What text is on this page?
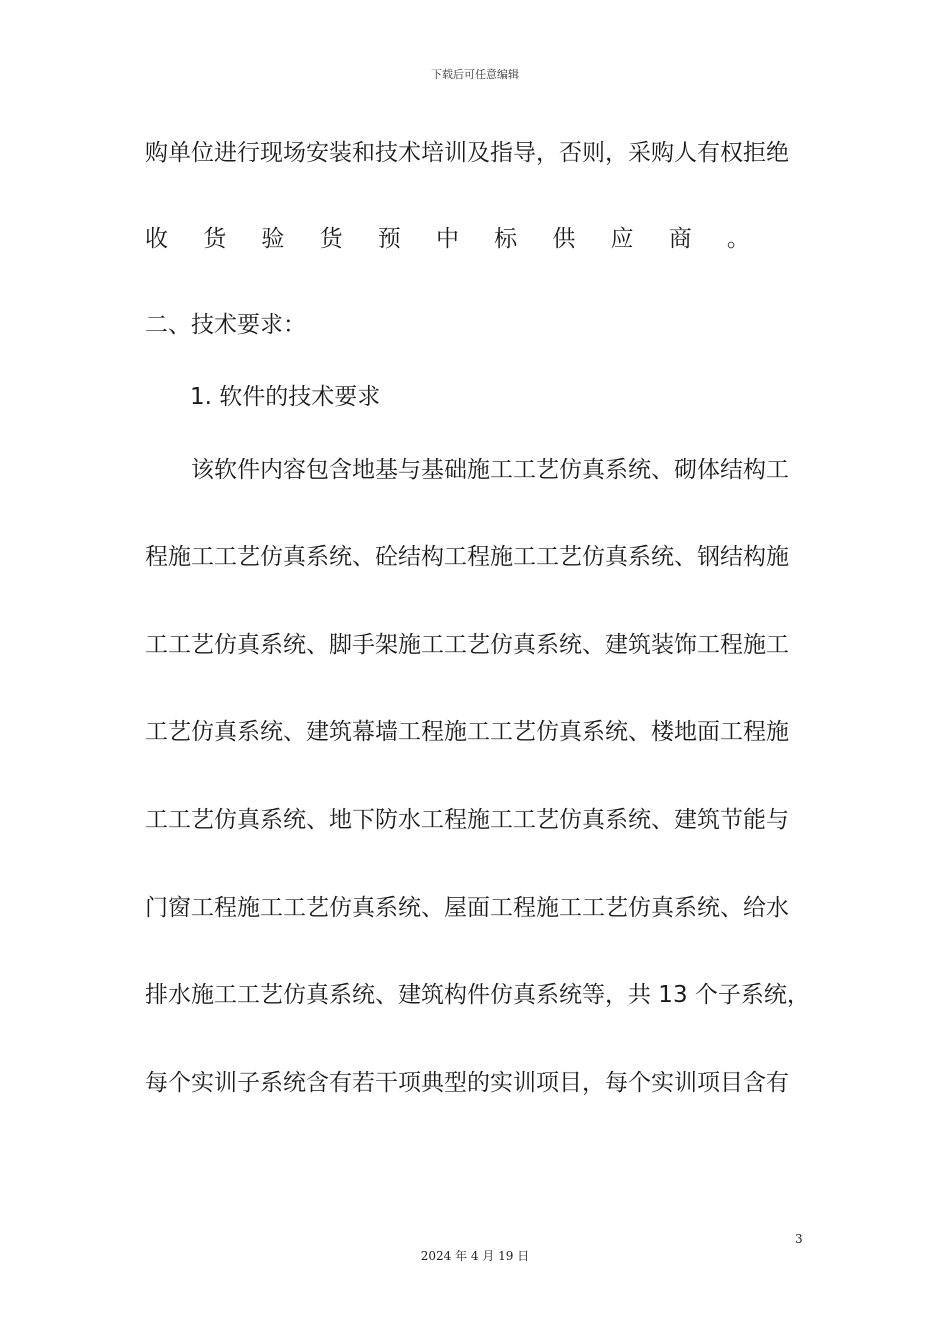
下载后可任意编辑
购单位进行现场安装和技术培训及指导，否则，采购人有权拒绝
收 货 验 货 预 中 标 供 应 商 。
二、技术要求：
1. 软件的技术要求
　　该软件内容包含地基与基础施工工艺仿真系统、砌体结构工
程施工工艺仿真系统、砼结构工程施工工艺仿真系统、钢结构施
工工艺仿真系统、脚手架施工工艺仿真系统、建筑装饰工程施工
工艺仿真系统、建筑幕墙工程施工工艺仿真系统、楼地面工程施
工工艺仿真系统、地下防水工程施工工艺仿真系统、建筑节能与
门窗工程施工工艺仿真系统、屋面工程施工工艺仿真系统、给水
排水施工工艺仿真系统、建筑构件仿真系统等，共 13 个子系统，
每个实训子系统含有若干项典型的实训项目，每个实训项目含有
3
2024 年 4 月 19 日
